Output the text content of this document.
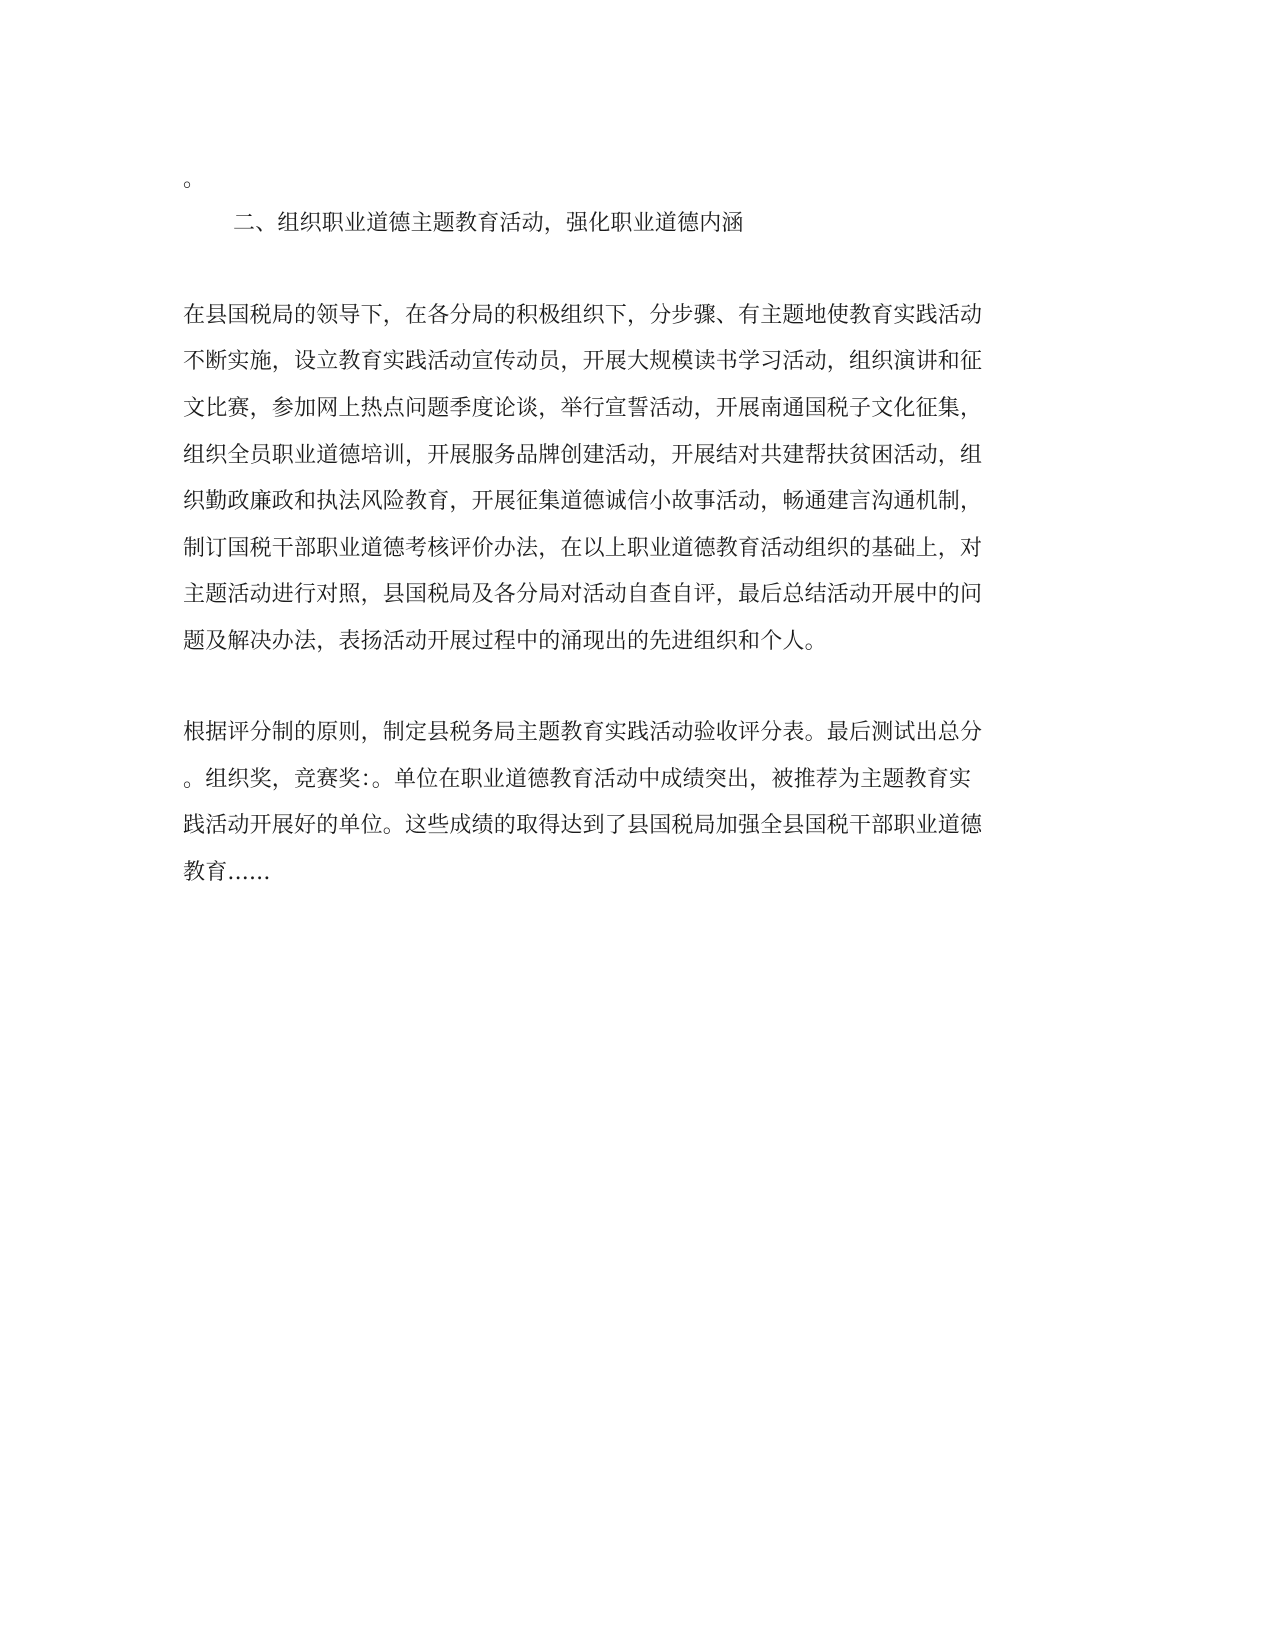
。
二、组织职业道德主题教育活动，强化职业道德内涵
在县国税局的领导下，在各分局的积极组织下，分步骤、有主题地使教育实践活动
不断实施，设立教育实践活动宣传动员，开展大规模读书学习活动，组织演讲和征
文比赛，参加网上热点问题季度论谈，举行宣誓活动，开展南通国税子文化征集，
组织全员职业道德培训，开展服务品牌创建活动，开展结对共建帮扶贫困活动，组
织勤政廉政和执法风险教育，开展征集道德诚信小故事活动，畅通建言沟通机制，
制订国税干部职业道德考核评价办法，在以上职业道德教育活动组织的基础上，对
主题活动进行对照，县国税局及各分局对活动自查自评，最后总结活动开展中的问
题及解决办法，表扬活动开展过程中的涌现出的先进组织和个人。
根据评分制的原则，制定县税务局主题教育实践活动验收评分表。最后测试出总分
。组织奖，竞赛奖：。单位在职业道德教育活动中成绩突出，被推荐为主题教育实
践活动开展好的单位。这些成绩的取得达到了县国税局加强全县国税干部职业道德
教育......
